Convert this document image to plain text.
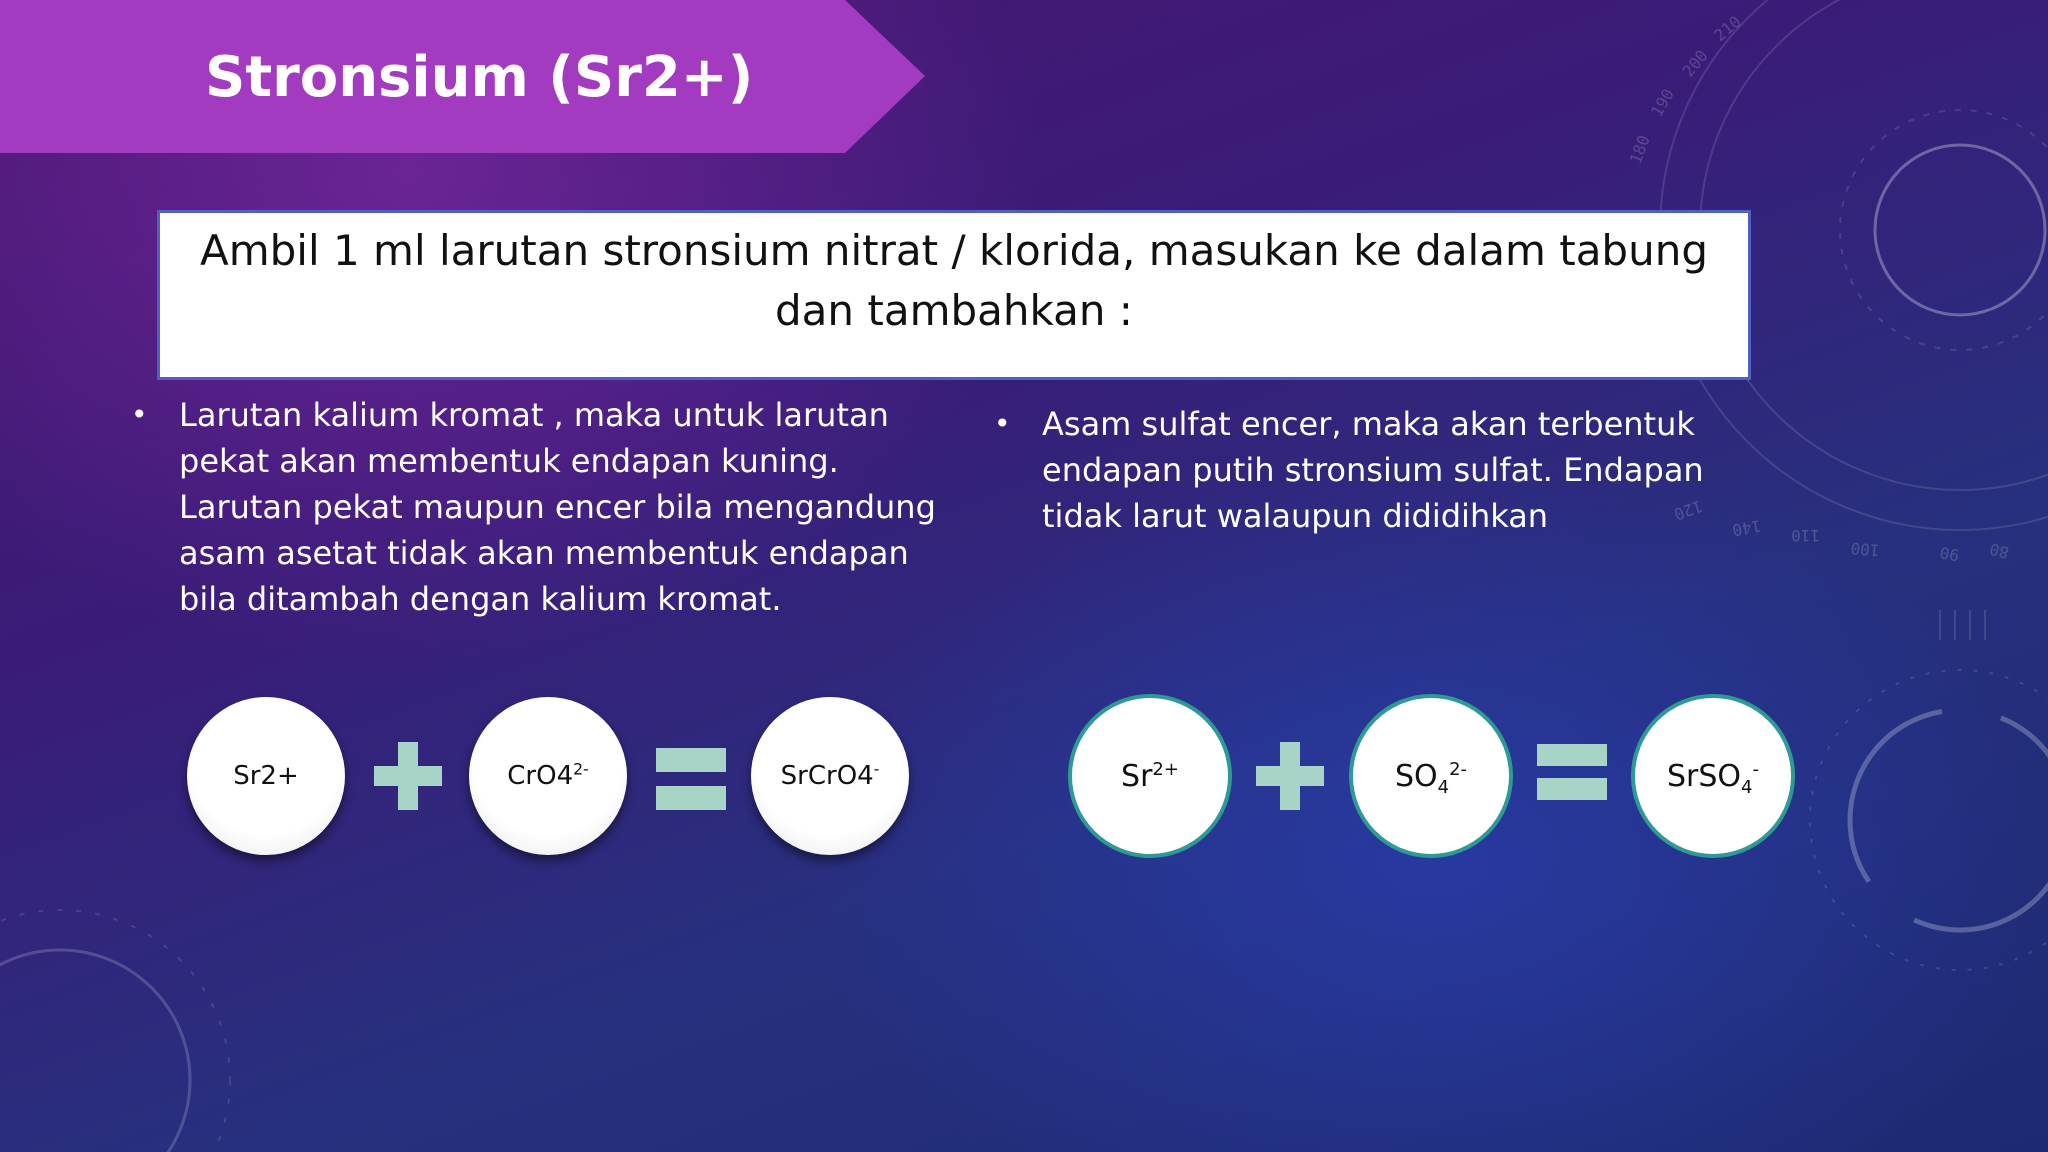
180
190
200
210
110
100	90 80
120
140
Stronsium (Sr2+)
Ambil 1 ml larutan stronsium nitrat / klorida, masukan ke dalam tabung dan tambahkan :
• Larutan kalium kromat , maka untuk larutan pekat akan membentuk endapan kuning. Larutan pekat maupun encer bila mengandung asam asetat tidak akan membentuk endapan bila ditambah dengan kalium kromat.
• Asam sulfat encer, maka akan terbentuk endapan putih stronsium sulfat. Endapan tidak larut walaupun dididihkan
Sr2+	$CrO4^{2-}$	SrCrO4-	$Sr^{2+}$	$SO_4^{2-}$	SrSO$_4$-
